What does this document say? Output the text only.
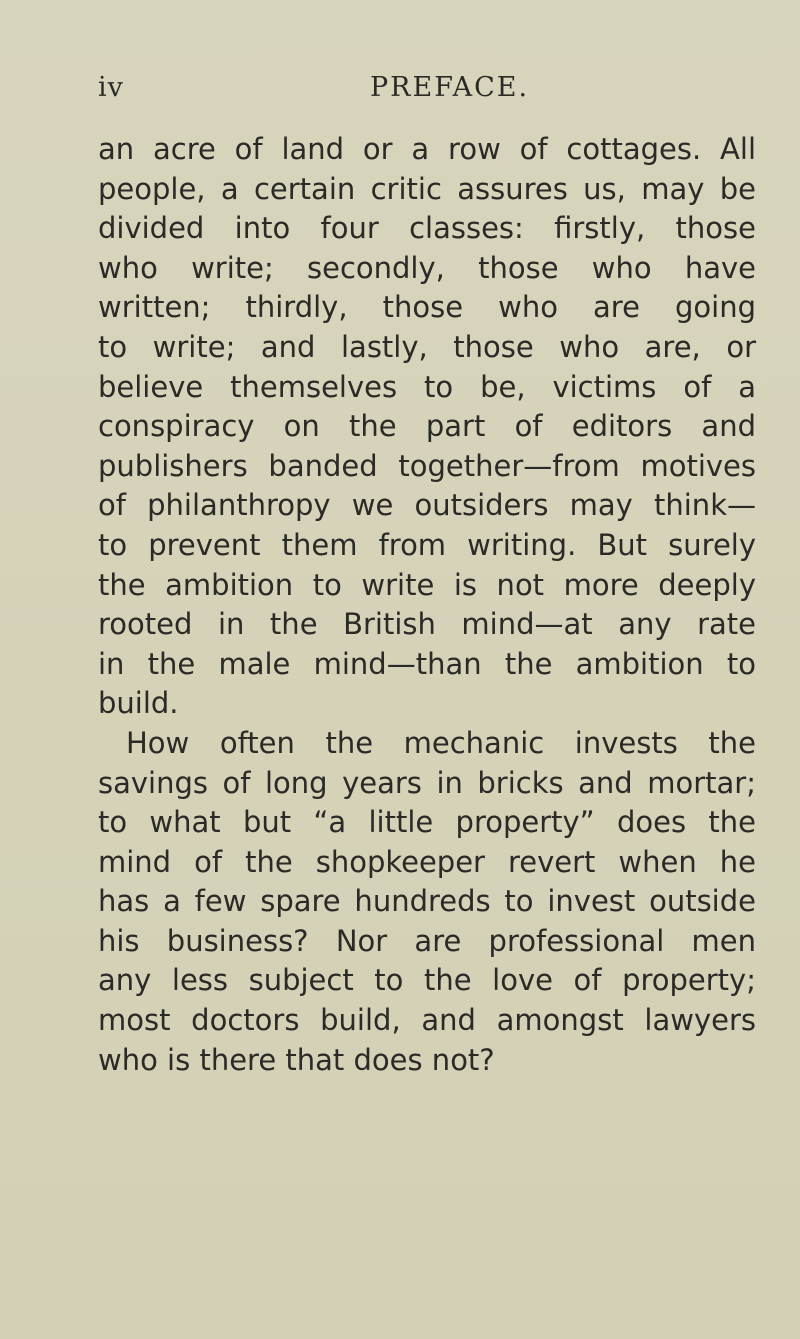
iv	PREFACE.
an acre of land or a row of cottages. All
people, a certain critic assures us, may be
divided into four classes: firstly, those
who write; secondly, those who have
written; thirdly, those who are going
to write; and lastly, those who are, or
believe themselves to be, victims of a
conspiracy on the part of editors and
publishers banded together—from motives
of philanthropy we outsiders may think—
to prevent them from writing. But surely
the ambition to write is not more deeply
rooted in the British mind—at any rate
in the male mind—than the ambition to
build.
How often the mechanic invests the
savings of long years in bricks and mortar;
to what but “a little property” does the
mind of the shopkeeper revert when he
has a few spare hundreds to invest outside
his business? Nor are professional men
any less subject to the love of property;
most doctors build, and amongst lawyers
who is there that does not?
